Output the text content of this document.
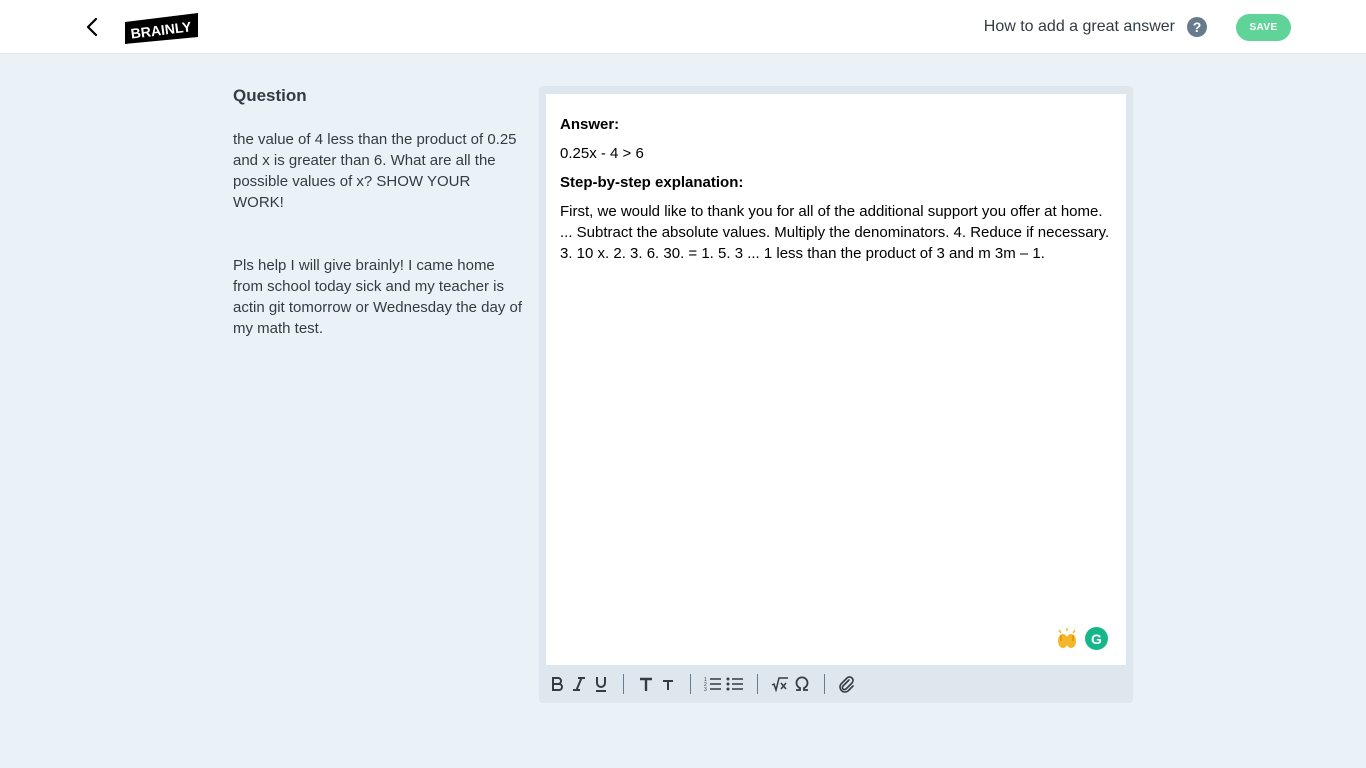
BRAINLY	How to add a great answer	?	SAVE
Question

the value of 4 less than the product of 0.25 and x is greater than 6. What are all the possible values of x? SHOW YOUR WORK!

Pls help I will give brainly! I came home from school today sick and my teacher is actin git tomorrow or Wednesday the day of my math test.

Answer:

0.25x - 4 > 6

Step-by-step explanation:

First, we would like to thank you for all of the additional support you offer at home. ... Subtract the absolute values. Multiply the denominators. 4. Reduce if necessary. 3. 10 x. 2. 3. 6. 30. = 1. 5. 3 ... 1 less than the product of 3 and m 3m – 1.

G
1
2
3
